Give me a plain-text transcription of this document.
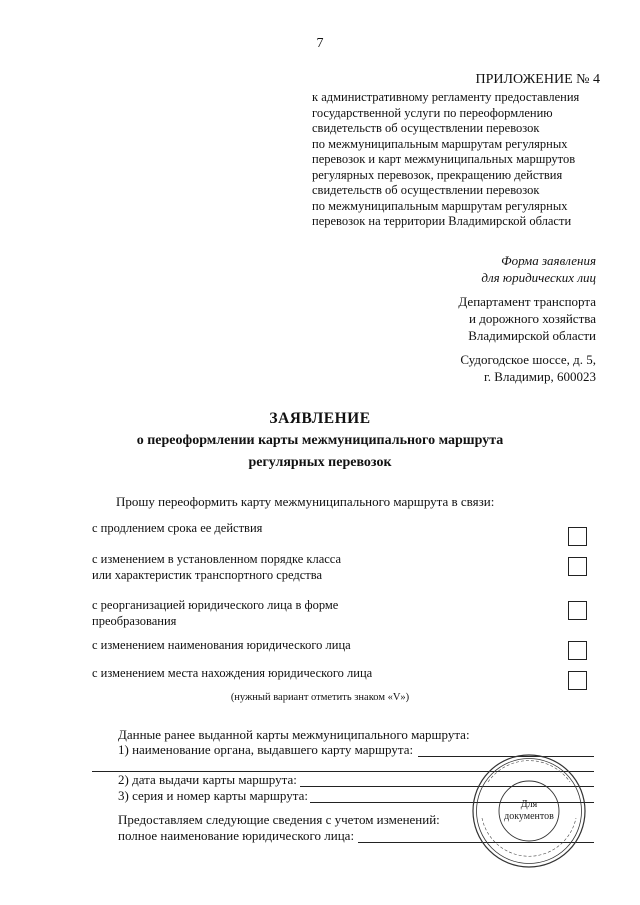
7
ПРИЛОЖЕНИЕ № 4
к административному регламенту предоставления
государственной услуги по переоформлению
свидетельств об осуществлении перевозок
по межмуниципальным маршрутам регулярных
перевозок и карт межмуниципальных маршрутов
регулярных перевозок, прекращению действия
свидетельств об осуществлении перевозок
по межмуниципальным маршрутам регулярных
перевозок на территории Владимирской области
Форма заявления
для юридических лиц
Департамент транспорта
и дорожного хозяйства
Владимирской области
Судогодское шоссе, д. 5,
г. Владимир, 600023
ЗАЯВЛЕНИЕ
о переоформлении карты межмуниципального маршрута
регулярных перевозок
Прошу переоформить карту межмуниципального маршрута в связи:
с продлением срока ее действия
с изменением в установленном порядке класса
или характеристик транспортного средства
с реорганизацией юридического лица в форме
преобразования
с изменением наименования юридического лица
с изменением места нахождения юридического лица
(нужный вариант отметить знаком «V»)
Данные ранее выданной карты межмуниципального маршрута:
1) наименование органа, выдавшего карту маршрута:
2) дата выдачи карты маршрута:
3) серия и номер карты маршрута:
Предоставляем следующие сведения с учетом изменений:
полное наименование юридического лица:
Для
документов
